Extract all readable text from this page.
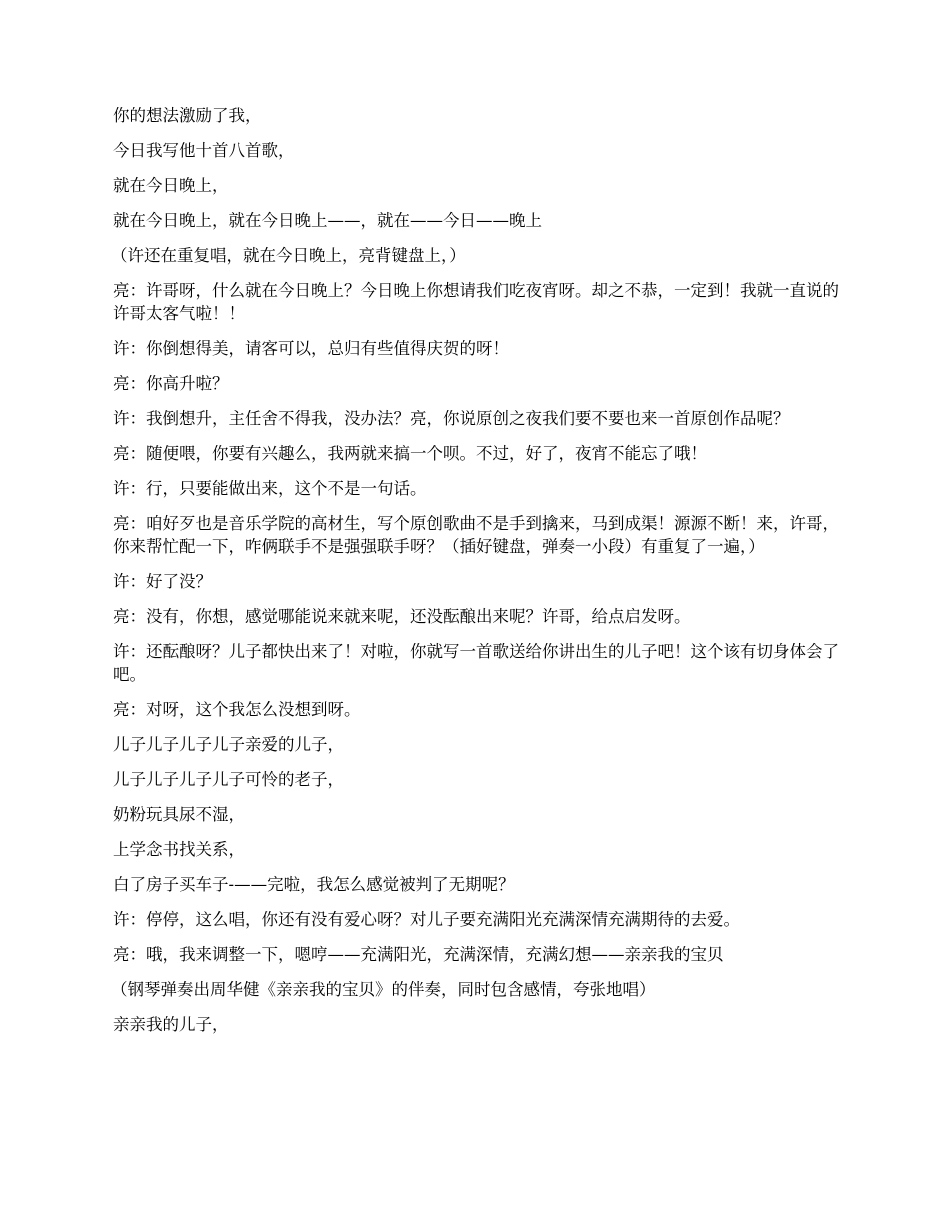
你的想法激励了我，

今日我写他十首八首歌，

就在今日晚上，

就在今日晚上，就在今日晚上——，就在——今日——晚上

（许还在重复唱，就在今日晚上，亮背键盘上，）

亮：许哥呀，什么就在今日晚上？今日晚上你想请我们吃夜宵呀。却之不恭，一定到！我就一直说的许哥太客气啦！！

许：你倒想得美，请客可以，总归有些值得庆贺的呀！

亮：你高升啦？

许：我倒想升，主任舍不得我，没办法？亮，你说原创之夜我们要不要也来一首原创作品呢？

亮：随便喂，你要有兴趣么，我两就来搞一个呗。不过，好了，夜宵不能忘了哦！

许：行，只要能做出来，这个不是一句话。

亮：咱好歹也是音乐学院的高材生，写个原创歌曲不是手到擒来，马到成渠！源源不断！来，许哥，你来帮忙配一下，咋俩联手不是强强联手呀？（插好键盘，弹奏一小段）有重复了一遍，）

许：好了没？

亮：没有，你想，感觉哪能说来就来呢，还没酝酿出来呢？许哥，给点启发呀。

许：还酝酿呀？儿子都快出来了！对啦，你就写一首歌送给你讲出生的儿子吧！这个该有切身体会了吧。

亮：对呀，这个我怎么没想到呀。

儿子儿子儿子儿子亲爱的儿子，

儿子儿子儿子儿子可怜的老子，

奶粉玩具尿不湿，

上学念书找关系，

白了房子买车子-——完啦，我怎么感觉被判了无期呢？

许：停停，这么唱，你还有没有爱心呀？对儿子要充满阳光充满深情充满期待的去爱。

亮：哦，我来调整一下，嗯哼——充满阳光，充满深情，充满幻想——亲亲我的宝贝

（钢琴弹奏出周华健《亲亲我的宝贝》的伴奏，同时包含感情，夸张地唱）

亲亲我的儿子，
